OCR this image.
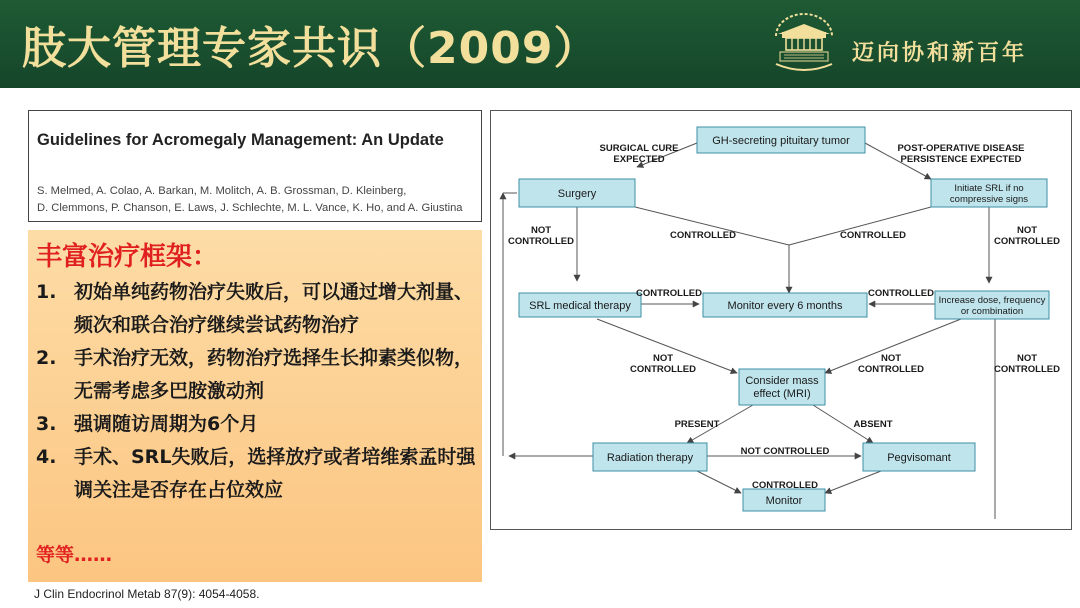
肢大管理专家共识（2009）	迈向协和新百年
Guidelines for Acromegaly Management: An Update
S. Melmed, A. Colao, A. Barkan, M. Molitch, A. B. Grossman, D. Kleinberg,
D. Clemmons, P. Chanson, E. Laws, J. Schlechte, M. L. Vance, K. Ho, and A. Giustina
丰富治疗框架：
1. 初始单纯药物治疗失败后，可以通过增大剂量、频次和联合治疗继续尝试药物治疗
2. 手术治疗无效，药物治疗选择生长抑素类似物，无需考虑多巴胺激动剂
3. 强调随访周期为6个月
4. 手术、SRL失败后，选择放疗或者培维索孟时强调关注是否存在占位效应
等等……
J Clin Endocrinol Metab 87(9): 4054-4058.
GH-secreting pituitary tumor
Surgery	Initiate SRL if no
compressive signs
SRL medical therapy	Monitor every 6 months	Increase dose, frequency
or combination
Consider mass
effect (MRI)
Radiation therapy	Pegvisomant
Monitor
SURGICAL CURE
EXPECTED
POST-OPERATIVE DISEASE
PERSISTENCE EXPECTED
NOT
CONTROLLED
CONTROLLED	CONTROLLED	NOT
CONTROLLED
CONTROLLED	CONTROLLED
NOT
CONTROLLED
NOT
CONTROLLED
NOT
CONTROLLED
PRESENT	ABSENT
NOT CONTROLLED
CONTROLLED
